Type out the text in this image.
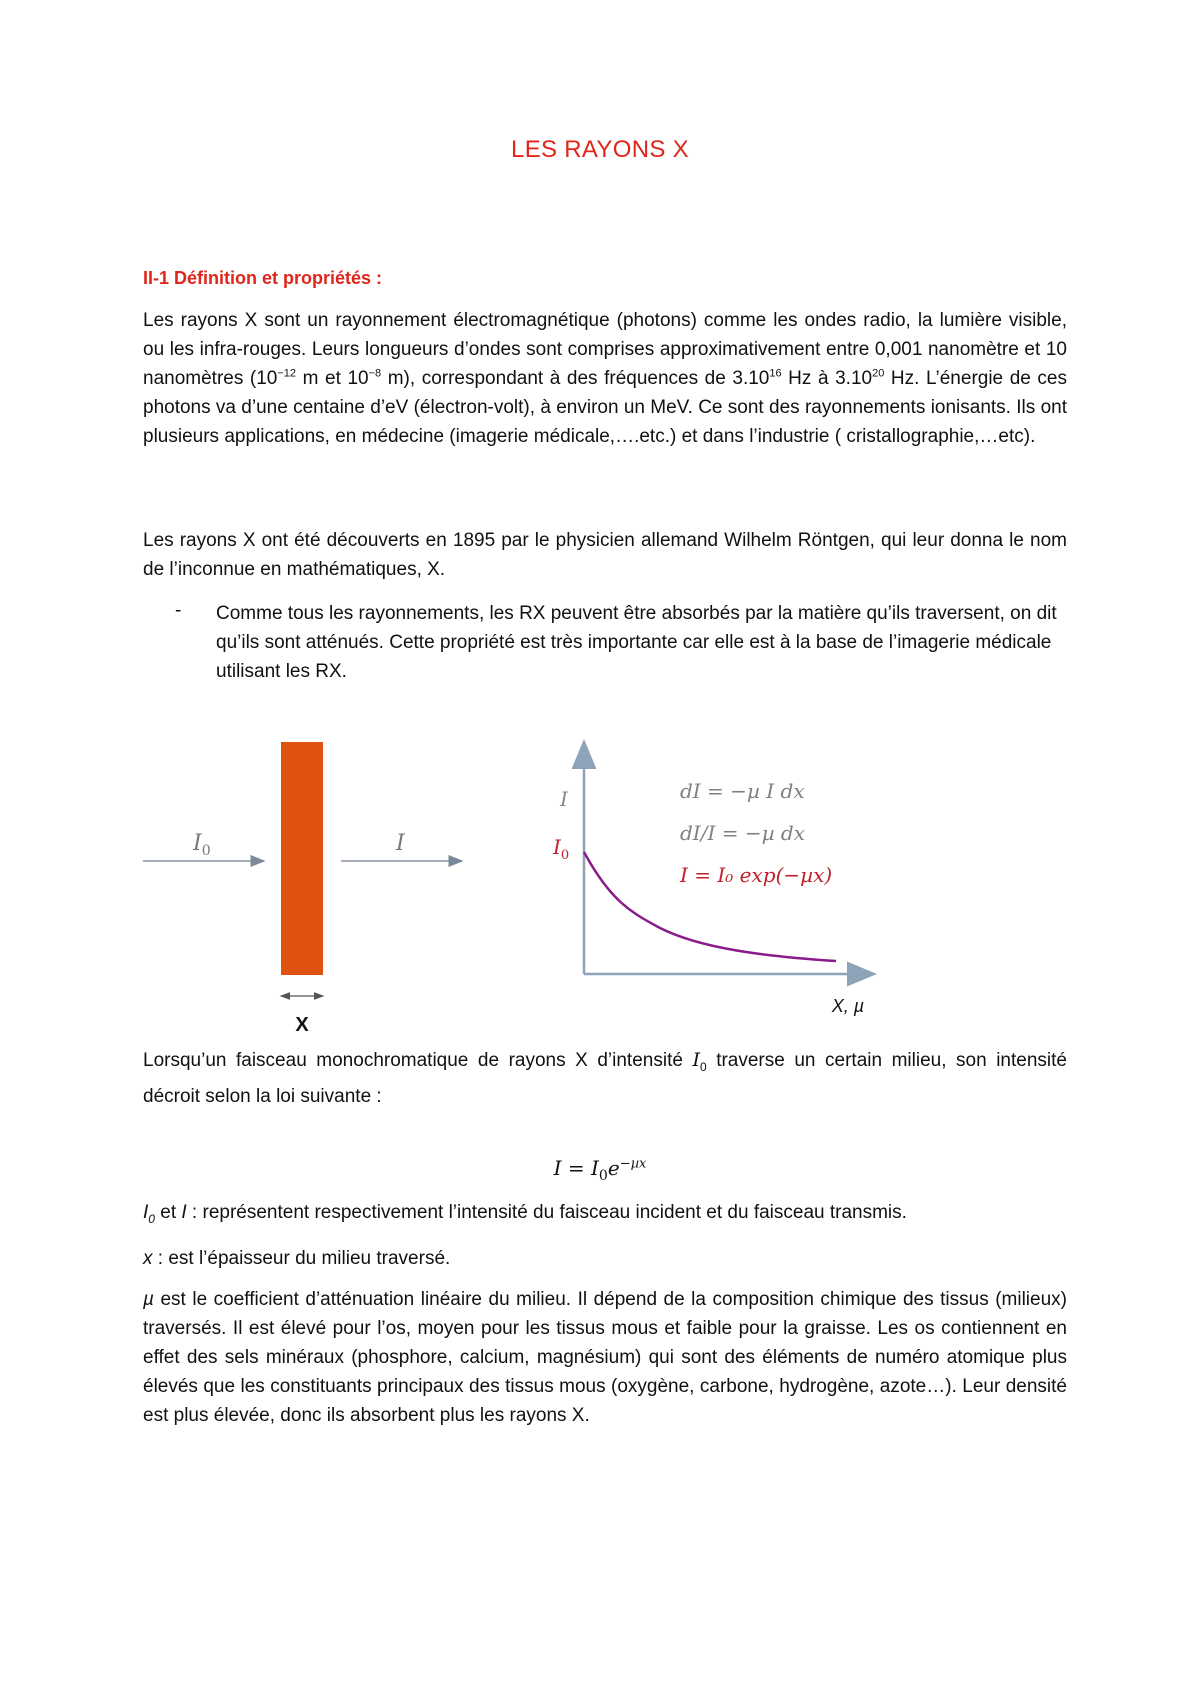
LES RAYONS X
II-1 Définition et propriétés :
Les rayons X sont un rayonnement électromagnétique (photons) comme les ondes radio, la lumière visible, ou les infra-rouges. Leurs longueurs d’ondes sont comprises approximativement entre 0,001 nanomètre et 10 nanomètres ($10^{-12}$ m et $10^{-8}$ m), correspondant à des fréquences de 3.10$^{16}$ Hz à 3.10$^{20}$ Hz. L’énergie de ces photons va d’une centaine d’eV (électron-volt), à environ un MeV. Ce sont des rayonnements ionisants. Ils ont plusieurs applications, en médecine (imagerie médicale,….etc.) et dans l’industrie ( cristallographie,…etc).
Les rayons X ont été découverts en 1895 par le physicien allemand Wilhelm Röntgen, qui leur donna le nom de l’inconnue en mathématiques, X.
- Comme tous les rayonnements, les RX peuvent être absorbés par la matière qu’ils traversent, on dit qu’ils sont atténués. Cette propriété est très importante car elle est à la base de l’imagerie médicale utilisant les RX.
$I_0$	I
X
I
$I_0$
X, µ
dI = −µ I dx
dI/I = −µ dx
I = I₀ exp(−µx)
Lorsqu’un faisceau monochromatique de rayons X d’intensité $I_0$ traverse un certain milieu, son intensité décroit selon la loi suivante :
$I = I_0e^{-\mu x}$
$I_0$ et I : représentent respectivement l’intensité du faisceau incident et du faisceau transmis.
x : est l’épaisseur du milieu traversé.
µ est le coefficient d’atténuation linéaire du milieu. Il dépend de la composition chimique des tissus (milieux) traversés. Il est élevé pour l’os, moyen pour les tissus mous et faible pour la graisse. Les os contiennent en effet des sels minéraux (phosphore, calcium, magnésium) qui sont des éléments de numéro atomique plus élevés que les constituants principaux des tissus mous (oxygène, carbone, hydrogène, azote…). Leur densité est plus élevée, donc ils absorbent plus les rayons X.
